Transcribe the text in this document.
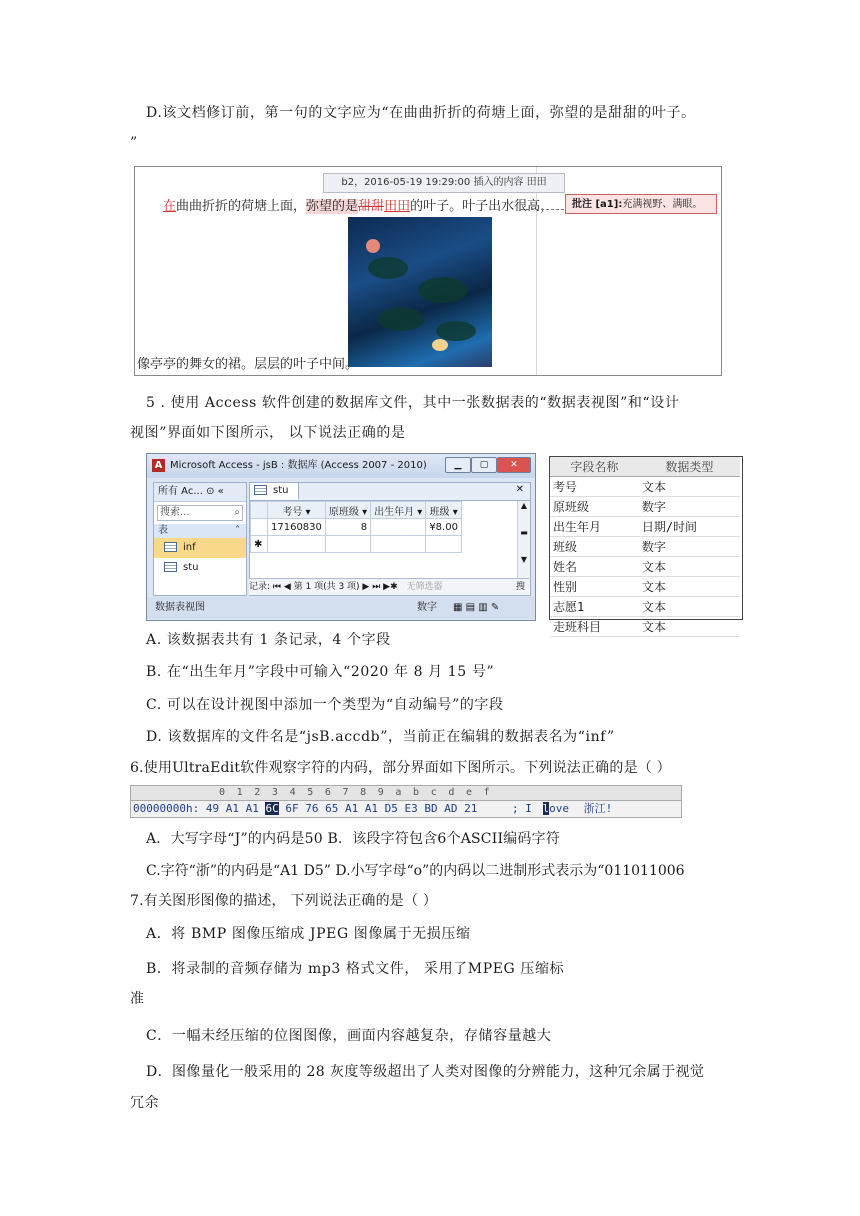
D.该文档修订前，第一句的文字应为“在曲曲折折的荷塘上面，弥望的是甜甜的叶子。
”
b2，2016-05-19 19:29:00 插入的内容 田田
在曲曲折折的荷塘上面，弥望的是甜甜田田的叶子。叶子出水很高，	批注 [a1]:充满视野、满眼。
像亭亭的舞女的裙。层层的叶子中间。
5 . 使用 Access 软件创建的数据库文件，其中一张数据表的“数据表视图”和“设计
视图”界面如下图所示， 以下说法正确的是
A Microsoft Access - jsB : 数据库 (Access 2007 - 2010)	▁	▢	✕
所有 Ac... ⊙ «
搜索...	⌕
表	˄
inf
stu
stu	✕
	考号 ▾	原班级 ▾	出生年月 ▾	班级 ▾
	17160830	8		¥8.00
✱				
▲

▬

▼
记录: ⏮ ◀ 第 1 项(共 3 项) ▶ ⏭ ▶✱ 无筛选器	搜
数据表视图	数字 ▦ ▤ ▥ ✎
字段名称	数据类型
考号	文本
原班级	数字
出生年月	日期/时间
班级	数字
姓名	文本
性别	文本
志愿1	文本
走班科目	文本
A. 该数据表共有 1 条记录，4 个字段
B. 在“出生年月”字段中可输入“2020 年 8 月 15 号”
C. 可以在设计视图中添加一个类型为“自动编号”的字段
D. 该数据库的文件名是“jsB.accdb”，当前正在编辑的数据表名为“inf”
6.使用UltraEdit软件观察字符的内码，部分界面如下图所示。下列说法正确的是（ ）
0 1 2 3 4 5 6 7 8 9 a b c d e f
00000000h: 49 A1 A1 6C 6F 76 65 A1 A1 D5 E3 BD AD 21	; I love 浙江!
A．大写字母“J”的内码是50 B．该段字符包含6个ASCII编码字符
C.字符“浙”的内码是“A1 D5” D.小写字母“o”的内码以二进制形式表示为“011011006
7.有关图形图像的描述， 下列说法正确的是（ ）
A．将 BMP 图像压缩成 JPEG 图像属于无损压缩
B．将录制的音频存储为 mp3 格式文件， 采用了MPEG 压缩标
准
C．一幅未经压缩的位图图像，画面内容越复杂，存储容量越大
D．图像量化一般采用的 28 灰度等级超出了人类对图像的分辨能力，这种冗余属于视觉
冗余
